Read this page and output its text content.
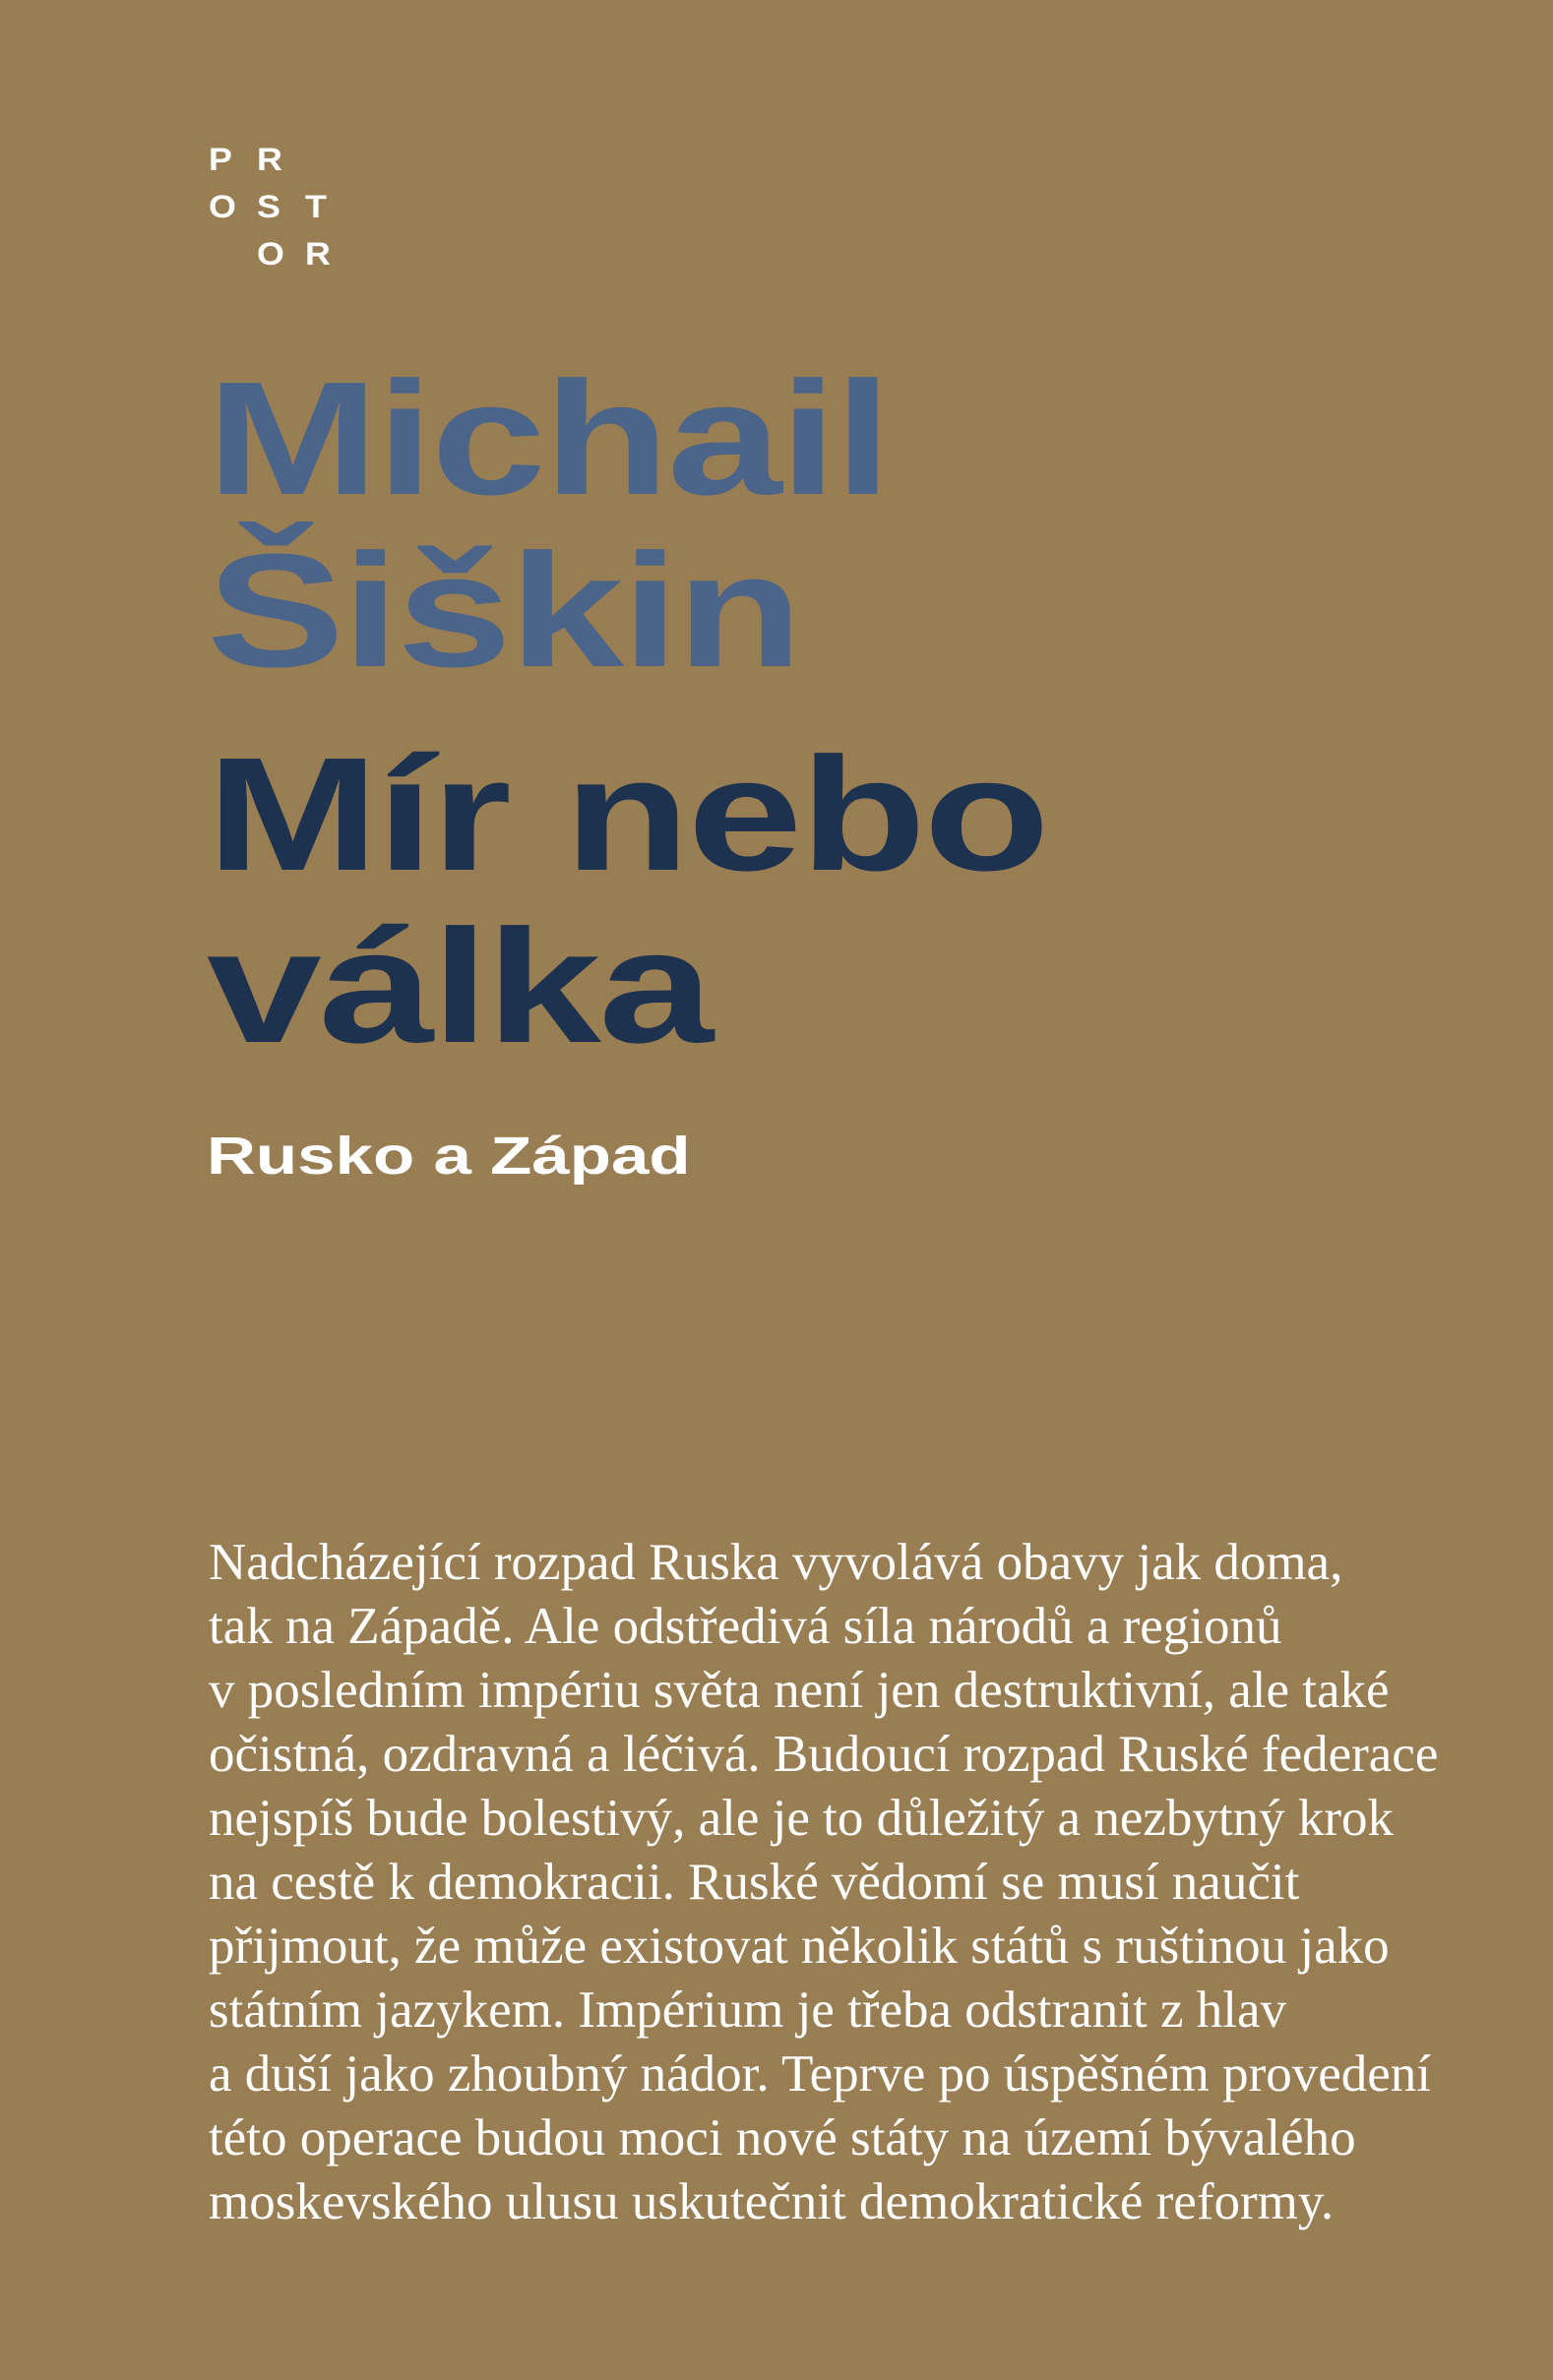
P R
O S T
O R
Michail
Šiškin
Mír nebo
válka
Rusko a Západ
Nadcházející rozpad Ruska vyvolává obavy jak doma,
tak na Západě. Ale odstředivá síla národů a regionů
v posledním impériu světa není jen destruktivní, ale také
očistná, ozdravná a léčivá. Budoucí rozpad Ruské federace
nejspíš bude bolestivý, ale je to důležitý a nezbytný krok
na cestě k demokracii. Ruské vědomí se musí naučit
přijmout, že může existovat několik států s ruštinou jako
státním jazykem. Impérium je třeba odstranit z hlav
a duší jako zhoubný nádor. Teprve po úspěšném provedení
této operace budou moci nové státy na území bývalého
moskevského ulusu uskutečnit demokratické reformy.
